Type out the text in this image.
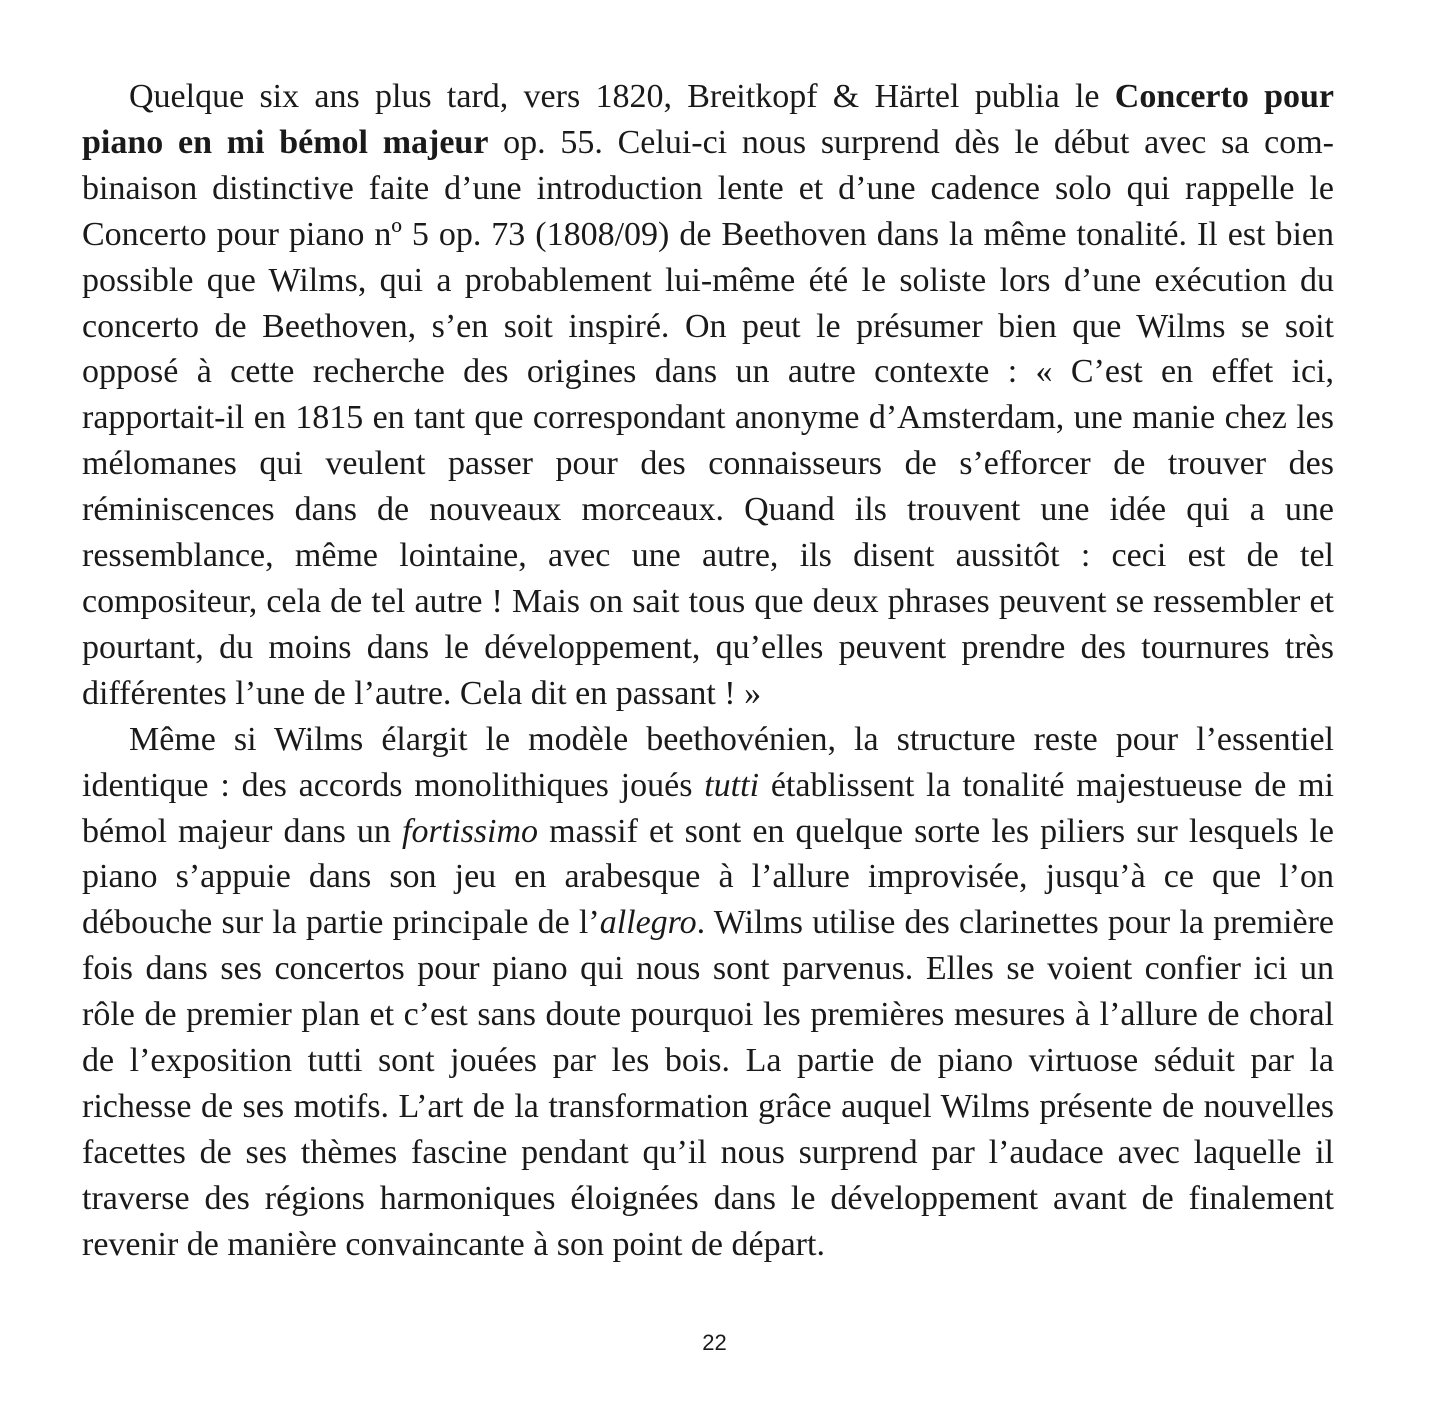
Quelque six ans plus tard, vers 1820, Breitkopf & Härtel publia le Concerto pour piano en mi bémol majeur op. 55. Celui-ci nous surprend dès le début avec sa combinaison distinctive faite d’une introduction lente et d’une cadence solo qui rappelle le Concerto pour piano nº 5 op. 73 (1808/09) de Beethoven dans la même tonalité. Il est bien possible que Wilms, qui a probablement lui-même été le soliste lors d’une exécution du concerto de Beethoven, s’en soit inspiré. On peut le présumer bien que Wilms se soit opposé à cette recherche des origines dans un autre contexte : « C’est en effet ici, rapportait-il en 1815 en tant que correspondant anonyme d’Amsterdam, une manie chez les mélomanes qui veulent passer pour des connaisseurs de s’efforcer de trouver des réminiscences dans de nouveaux morceaux. Quand ils trouvent une idée qui a une ressemblance, même lointaine, avec une autre, ils disent aussitôt : ceci est de tel compositeur, cela de tel autre ! Mais on sait tous que deux phrases peuvent se ressembler et pourtant, du moins dans le développement, qu’elles peuvent prendre des tournures très différentes l’une de l’autre. Cela dit en passant ! »

Même si Wilms élargit le modèle beethovénien, la structure reste pour l’essentiel identique : des accords monolithiques joués tutti établissent la tonalité majestueuse de mi bémol majeur dans un fortissimo massif et sont en quelque sorte les piliers sur lesquels le piano s’appuie dans son jeu en arabesque à l’allure improvisée, jusqu’à ce que l’on débouche sur la partie principale de l’allegro. Wilms utilise des clarinettes pour la première fois dans ses concertos pour piano qui nous sont parvenus. Elles se voient confier ici un rôle de premier plan et c’est sans doute pourquoi les premières mesures à l’allure de choral de l’exposition tutti sont jouées par les bois. La partie de piano virtuose séduit par la richesse de ses motifs. L’art de la transformation grâce auquel Wilms présente de nouvelles facettes de ses thèmes fascine pendant qu’il nous surprend par l’audace avec laquelle il traverse des régions harmoniques éloignées dans le développement avant de finalement revenir de manière convaincante à son point de départ.

22
